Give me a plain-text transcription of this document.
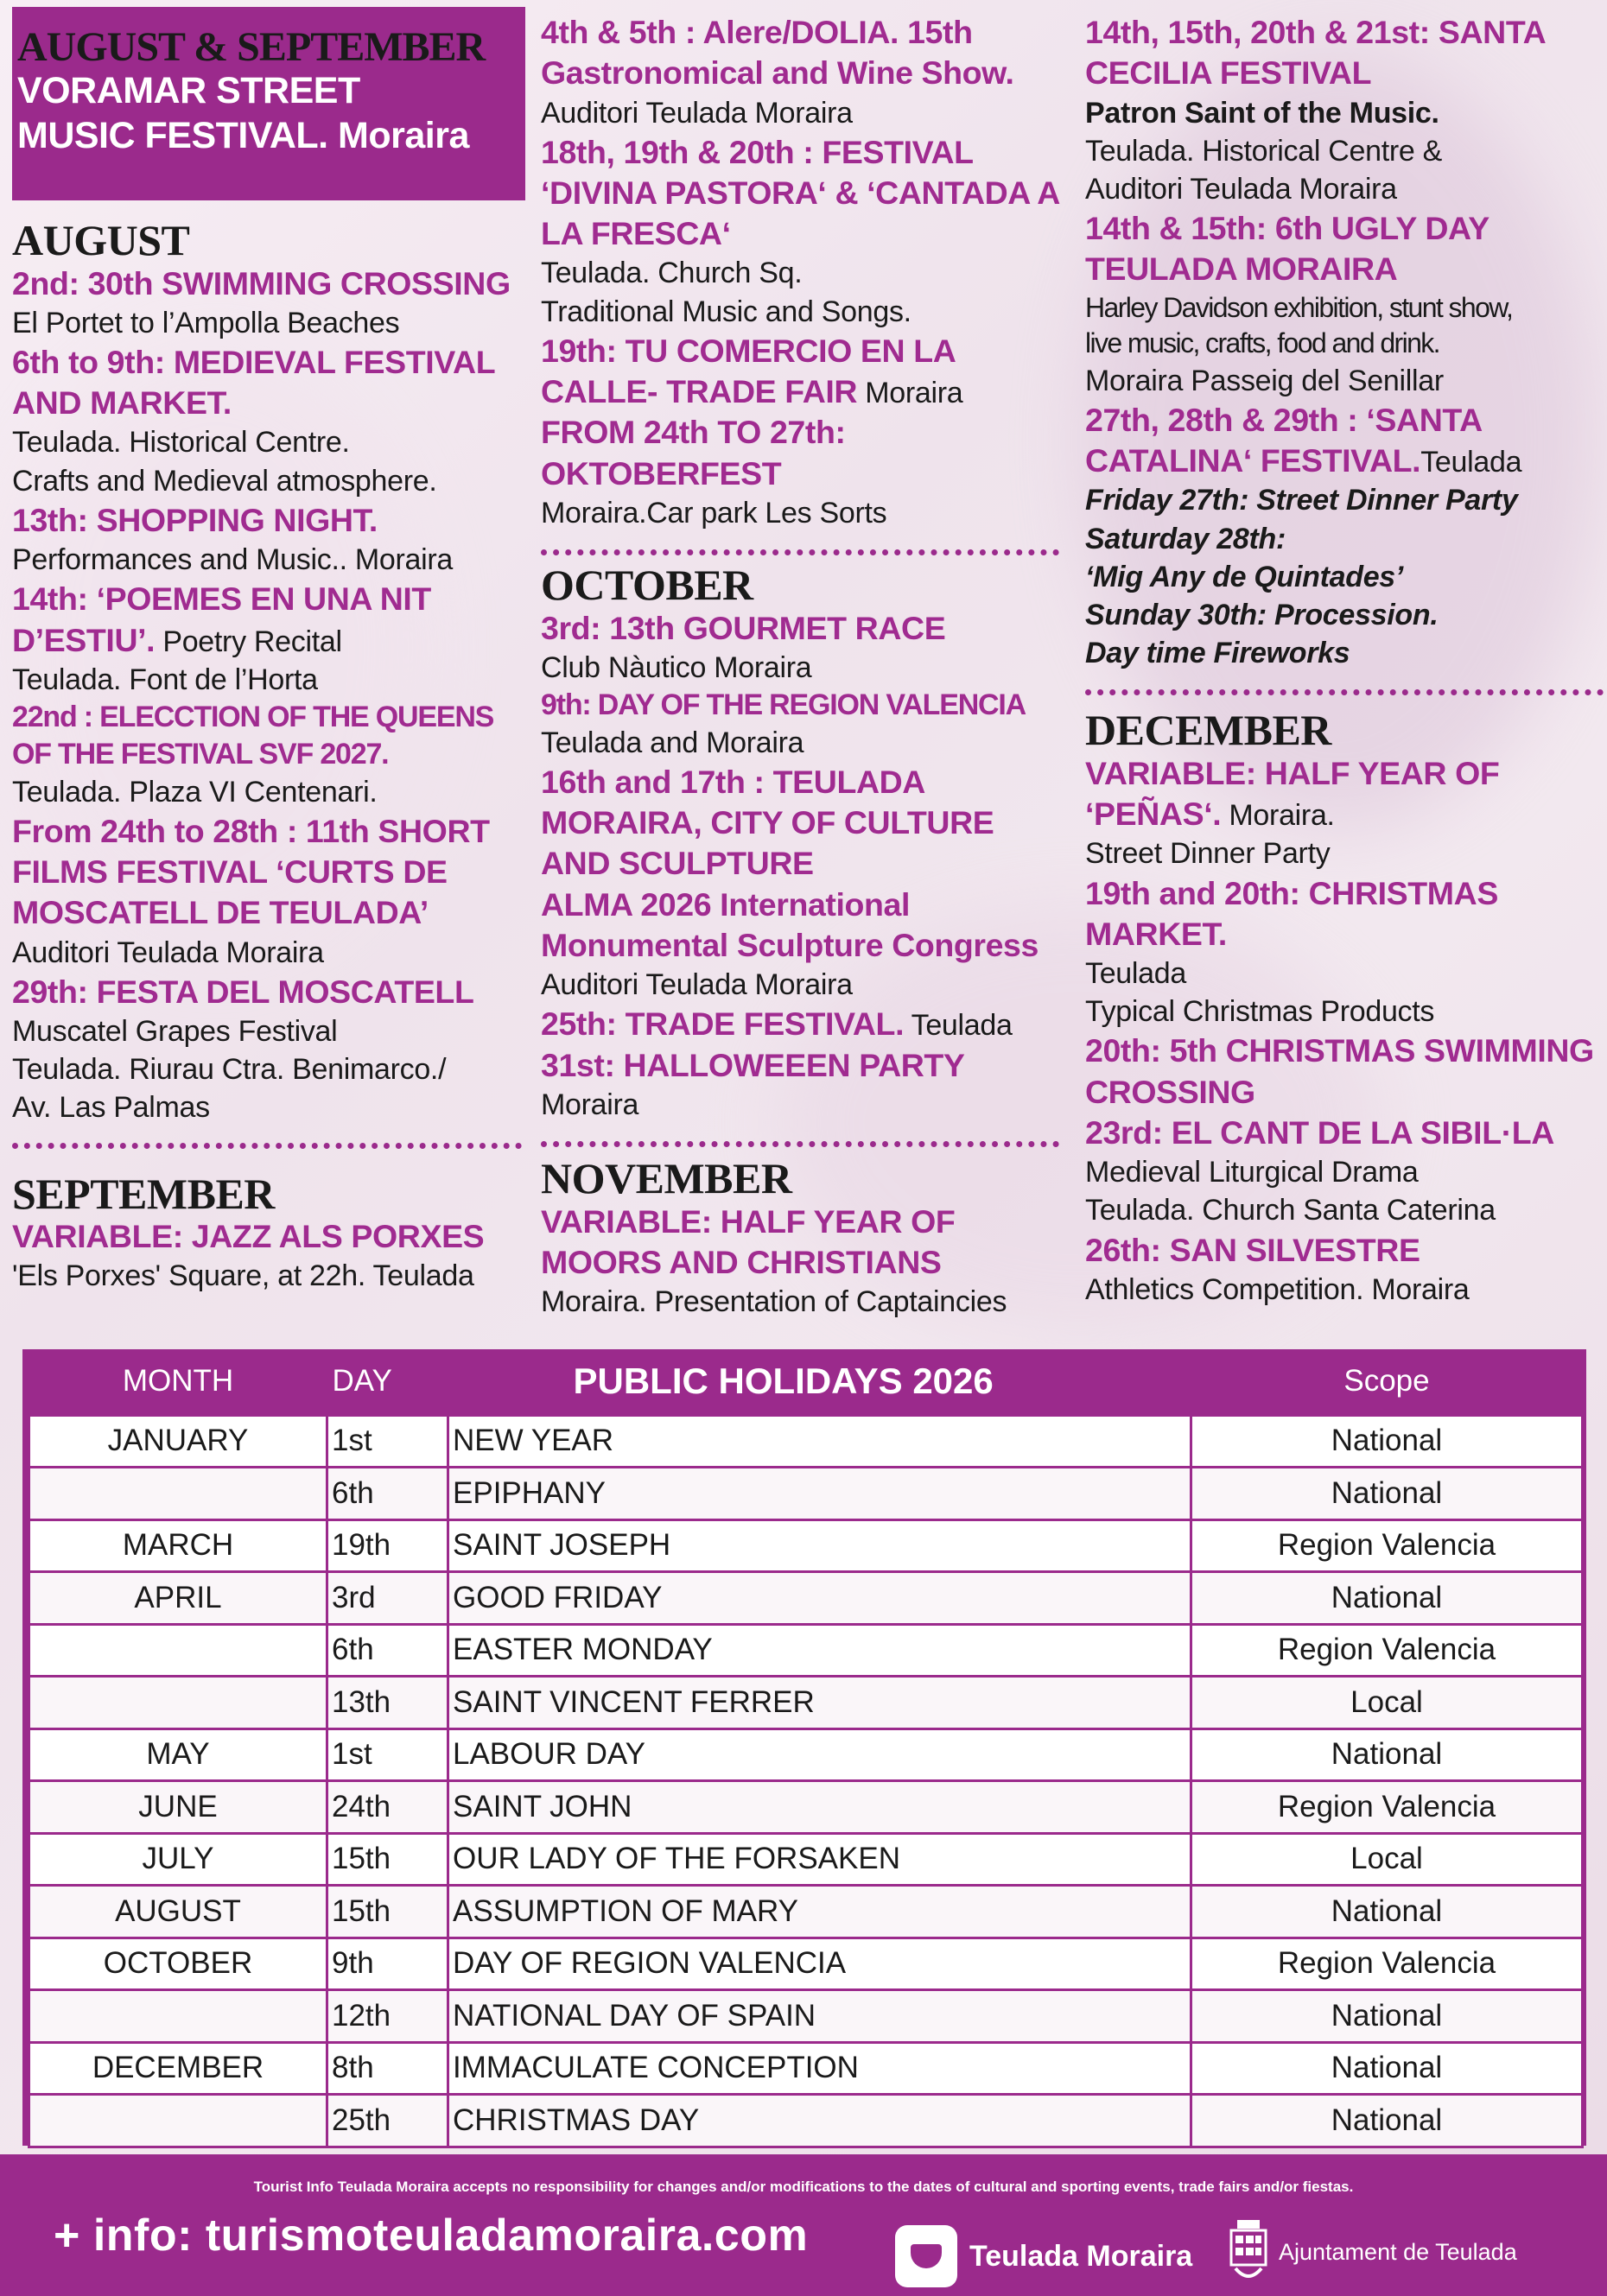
AUGUST & SEPTEMBER
VORAMAR STREET
MUSIC FESTIVAL. Moraira
AUGUST
2nd: 30th SWIMMING CROSSING
El Portet to l’Ampolla Beaches
6th to 9th: MEDIEVAL FESTIVAL AND MARKET.
Teulada. Historical Centre.
Crafts and Medieval atmosphere.
13th: SHOPPING NIGHT.
Performances and Music.. Moraira
14th: ‘POEMES EN UNA NIT D’ESTIU’. Poetry Recital
Teulada. Font de l’Horta
22nd : ELECCTION OF THE QUEENS OF THE FESTIVAL SVF 2027.
Teulada. Plaza VI Centenari.
From 24th to 28th : 11th SHORT FILMS FESTIVAL ‘CURTS DE MOSCATELL DE TEULADA’
Auditori Teulada Moraira
29th: FESTA DEL MOSCATELL
Muscatel Grapes Festival
Teulada. Riurau Ctra. Benimarco./
Av. Las Palmas
SEPTEMBER
VARIABLE: JAZZ ALS PORXES
'Els Porxes' Square, at 22h. Teulada
4th & 5th : Alere/DOLIA. 15th Gastronomical and Wine Show.
Auditori Teulada Moraira
18th, 19th & 20th : FESTIVAL ‘DIVINA PASTORA‘ & ‘CANTADA A LA FRESCA‘
Teulada. Church Sq.
Traditional Music and Songs.
19th: TU COMERCIO EN LA CALLE- TRADE FAIR Moraira
FROM 24th TO 27th: OKTOBERFEST
Moraira.Car park Les Sorts
OCTOBER
3rd: 13th GOURMET RACE
Club Nàutico Moraira
9th: DAY OF THE REGION VALENCIA
Teulada and Moraira
16th and 17th : TEULADA MORAIRA, CITY OF CULTURE AND SCULPTURE
ALMA 2026 International Monumental Sculpture Congress
Auditori Teulada Moraira
25th: TRADE FESTIVAL. Teulada
31st: HALLOWEEEN PARTY
Moraira
NOVEMBER
VARIABLE: HALF YEAR OF MOORS AND CHRISTIANS
Moraira. Presentation of Captaincies
14th, 15th, 20th & 21st: SANTA CECILIA FESTIVAL
Patron Saint of the Music.
Teulada. Historical Centre &
Auditori Teulada Moraira
14th & 15th: 6th UGLY DAY TEULADA MORAIRA
Harley Davidson exhibition, stunt show,
live music, crafts, food and drink.
Moraira Passeig del Senillar
27th, 28th & 29th : ‘SANTA CATALINA‘ FESTIVAL.Teulada
Friday 27th: Street Dinner Party
Saturday 28th:
‘Mig Any de Quintades’
Sunday 30th: Procession.
Day time Fireworks
DECEMBER
VARIABLE: HALF YEAR OF ‘PEÑAS‘. Moraira.
Street Dinner Party
19th and 20th: CHRISTMAS MARKET.
Teulada
Typical Christmas Products
20th: 5th CHRISTMAS SWIMMING CROSSING
23rd: EL CANT DE LA SIBIL·LA
Medieval Liturgical Drama
Teulada. Church Santa Caterina
26th: SAN SILVESTRE
Athletics Competition. Moraira
MONTH	DAY	PUBLIC HOLIDAYS 2026	Scope
JANUARY	1st	NEW YEAR	National
	6th	EPIPHANY	National
MARCH	19th	SAINT JOSEPH	Region Valencia
APRIL	3rd	GOOD FRIDAY	National
	6th	EASTER MONDAY	Region Valencia
	13th	SAINT VINCENT FERRER	Local
MAY	1st	LABOUR DAY	National
JUNE	24th	SAINT JOHN	Region Valencia
JULY	15th	OUR LADY OF THE FORSAKEN	Local
AUGUST	15th	ASSUMPTION OF MARY	National
OCTOBER	9th	DAY OF REGION VALENCIA	Region Valencia
	12th	NATIONAL DAY OF SPAIN	National
DECEMBER	8th	IMMACULATE CONCEPTION	National
	25th	CHRISTMAS DAY	National
Tourist Info Teulada Moraira accepts no responsibility for changes and/or modifications to the dates of cultural and sporting events, trade fairs and/or fiestas.
+ info: turismoteuladamoraira.com	Teulada Moraira	Ajuntament de Teulada
